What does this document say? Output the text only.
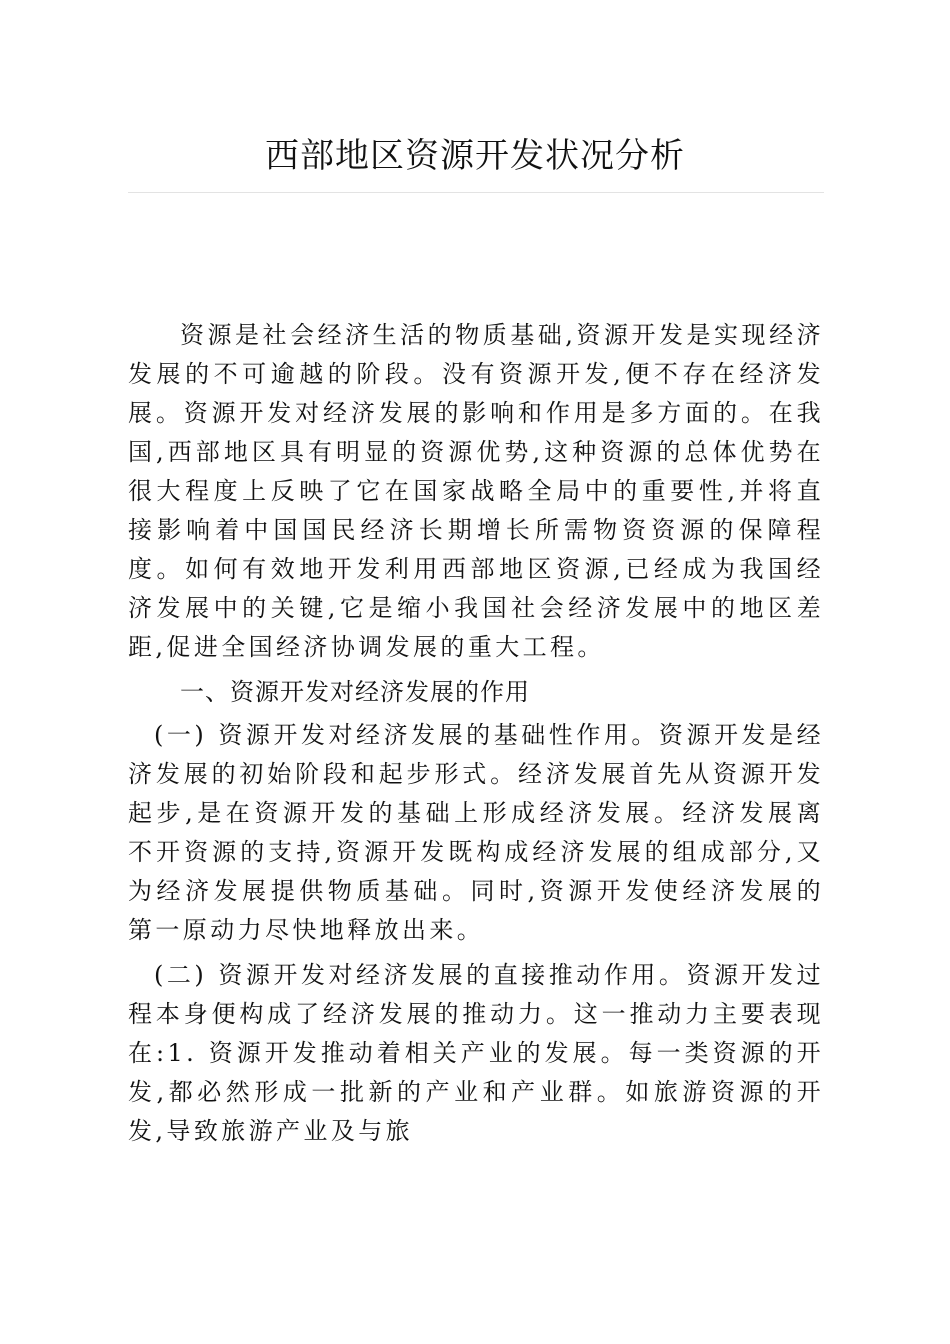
西部地区资源开发状况分析

资源是社会经济生活的物质基础,资源开发是实现经济发展的不可逾越的阶段。没有资源开发,便不存在经济发展。资源开发对经济发展的影响和作用是多方面的。在我国,西部地区具有明显的资源优势,这种资源的总体优势在很大程度上反映了它在国家战略全局中的重要性,并将直接影响着中国国民经济长期增长所需物资资源的保障程度。如何有效地开发利用西部地区资源,已经成为我国经济发展中的关键,它是缩小我国社会经济发展中的地区差距,促进全国经济协调发展的重大工程。

一、资源开发对经济发展的作用

(一) 资源开发对经济发展的基础性作用。资源开发是经济发展的初始阶段和起步形式。经济发展首先从资源开发起步,是在资源开发的基础上形成经济发展。经济发展离不开资源的支持,资源开发既构成经济发展的组成部分,又为经济发展提供物质基础。同时,资源开发使经济发展的第一原动力尽快地释放出来。

(二) 资源开发对经济发展的直接推动作用。资源开发过程本身便构成了经济发展的推动力。这一推动力主要表现在:1. 资源开发推动着相关产业的发展。每一类资源的开发,都必然形成一批新的产业和产业群。如旅游资源的开发,导致旅游产业及与旅
